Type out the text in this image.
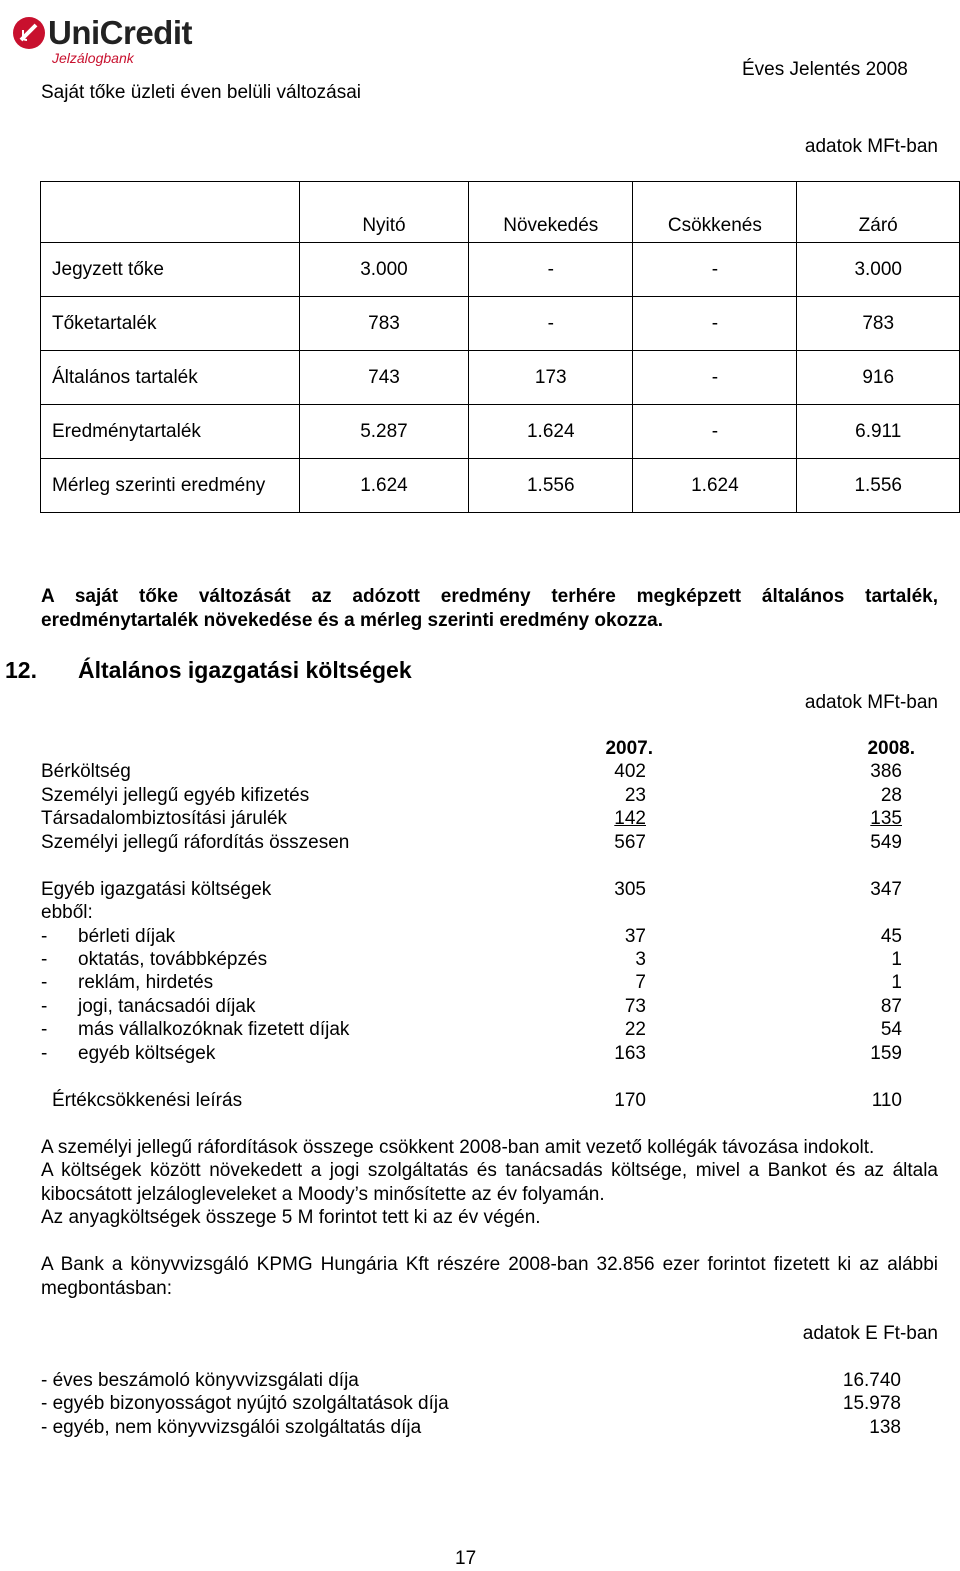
UniCredit
Jelzálogbank
Saját tőke üzleti éven belüli változásai
Éves Jelentés 2008
adatok MFt-ban
	Nyitó	Növekedés	Csökkenés	Záró
Jegyzett tőke	3.000	-	-	3.000
Tőketartalék	783	-	-	783
Általános tartalék	743	173	-	916
Eredménytartalék	5.287	1.624	-	6.911
Mérleg szerinti eredmény	1.624	1.556	1.624	1.556
A saját tőke változását az adózott eredmény terhére megképzett általános tartalék, eredménytartalék növekedése és a mérleg szerinti eredmény okozza.
12. Általános igazgatási költségek
adatok MFt-ban
2007.	2008.
Bérköltség	402	386
Személyi jellegű egyéb kifizetés	23	28
Társadalombiztosítási járulék	142	135
Személyi jellegű ráfordítás összesen	567	549
Egyéb igazgatási költségek	305	347
ebből:
- bérleti díjak	37	45
- oktatás, továbbképzés	3	1
- reklám, hirdetés	7	1
- jogi, tanácsadói díjak	73	87
- más vállalkozóknak fizetett díjak	22	54
- egyéb költségek	163	159
Értékcsökkenési leírás	170	110
A személyi jellegű ráfordítások összege csökkent 2008-ban amit vezető kollégák távozása indokolt.
A költségek között növekedett a jogi szolgáltatás és tanácsadás költsége, mivel a Bankot és az általa kibocsátott jelzálogleveleket a Moody’s minősítette az év folyamán.
Az anyagköltségek összege 5 M forintot tett ki az év végén.
A Bank a könyvvizsgáló KPMG Hungária Kft részére 2008-ban 32.856 ezer forintot fizetett ki az alábbi megbontásban:
adatok E Ft-ban
- éves beszámoló könyvvizsgálati díja	16.740
- egyéb bizonyosságot nyújtó szolgáltatások díja	15.978
- egyéb, nem könyvvizsgálói szolgáltatás díja	138
17
